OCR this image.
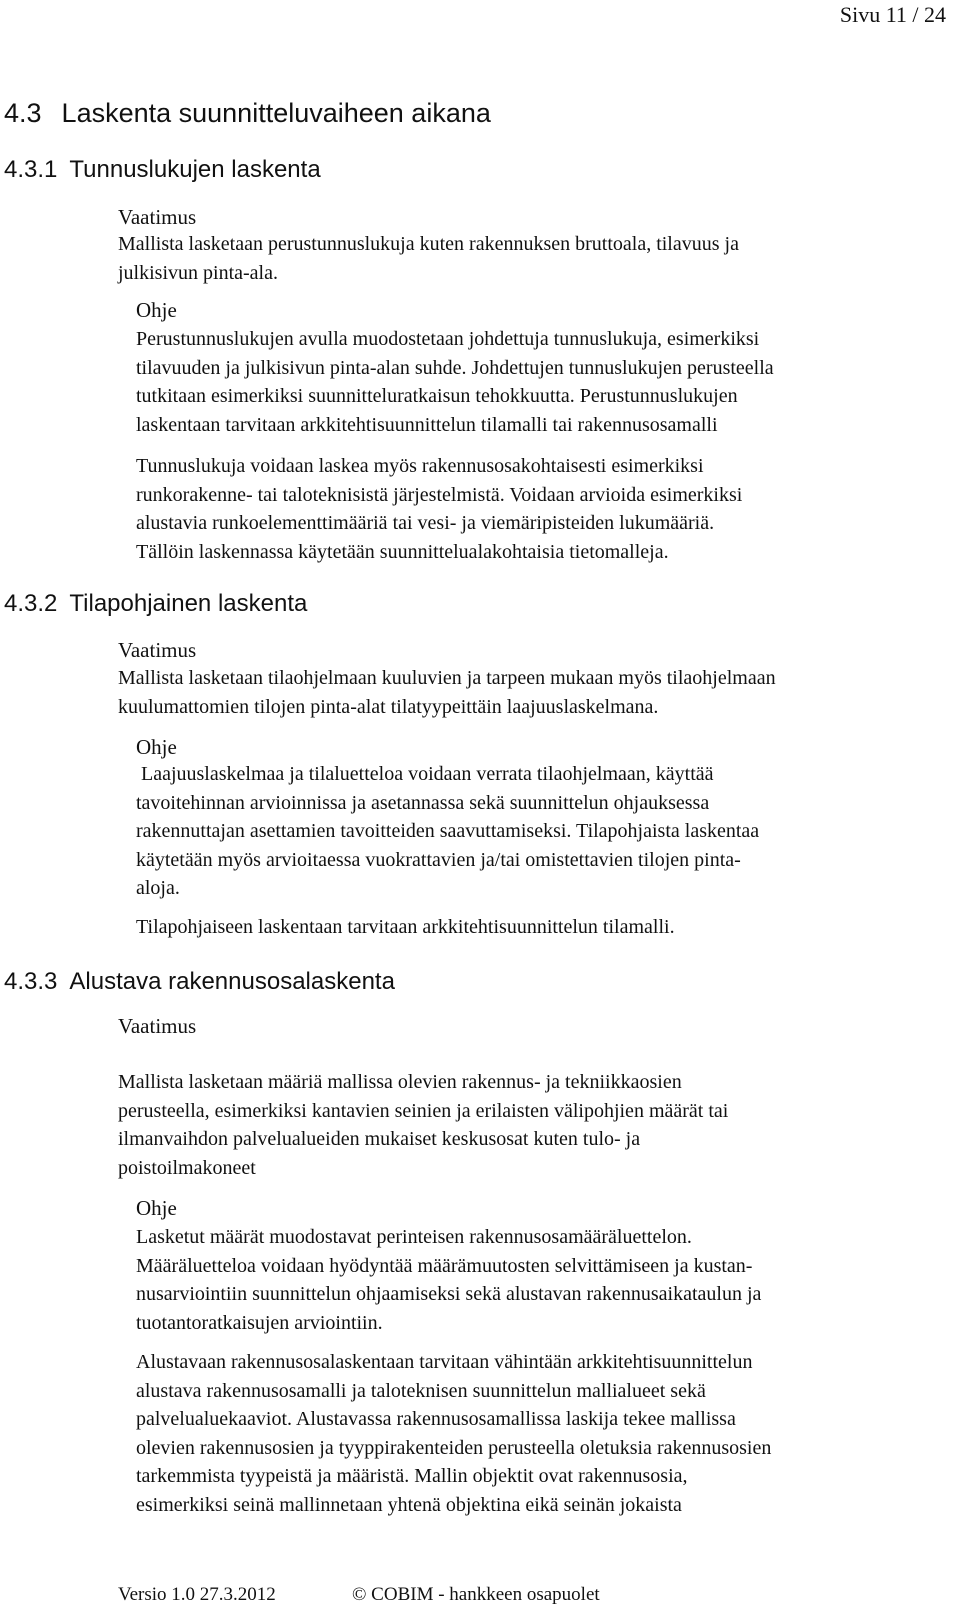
Sivu 11 / 24
4.3 Laskenta suunnitteluvaiheen aikana
4.3.1 Tunnuslukujen laskenta
Vaatimus
Mallista lasketaan perustunnuslukuja kuten rakennuksen bruttoala, tilavuus ja
julkisivun pinta-ala.
Ohje
Perustunnuslukujen avulla muodostetaan johdettuja tunnuslukuja, esimerkiksi
tilavuuden ja julkisivun pinta-alan suhde. Johdettujen tunnuslukujen perusteella
tutkitaan esimerkiksi suunnitteluratkaisun tehokkuutta. Perustunnuslukujen
laskentaan tarvitaan arkkitehtisuunnittelun tilamalli tai rakennusosamalli
Tunnuslukuja voidaan laskea myös rakennusosakohtaisesti esimerkiksi
runkorakenne- tai taloteknisistä järjestelmistä. Voidaan arvioida esimerkiksi
alustavia runkoelementtimääriä tai vesi- ja viemäripisteiden lukumääriä.
Tällöin laskennassa käytetään suunnittelualakohtaisia tietomalleja.
4.3.2 Tilapohjainen laskenta
Vaatimus
Mallista lasketaan tilaohjelmaan kuuluvien ja tarpeen mukaan myös tilaohjelmaan
kuulumattomien tilojen pinta-alat tilatyypeittäin laajuuslaskelmana.
Ohje
Laajuuslaskelmaa ja tilaluetteloa voidaan verrata tilaohjelmaan, käyttää
tavoitehinnan arvioinnissa ja asetannassa sekä suunnittelun ohjauksessa
rakennuttajan asettamien tavoitteiden saavuttamiseksi. Tilapohjaista laskentaa
käytetään myös arvioitaessa vuokrattavien ja/tai omistettavien tilojen pinta-
aloja.
Tilapohjaiseen laskentaan tarvitaan arkkitehtisuunnittelun tilamalli.
4.3.3 Alustava rakennusosalaskenta
Vaatimus
Mallista lasketaan määriä mallissa olevien rakennus- ja tekniikkaosien
perusteella, esimerkiksi kantavien seinien ja erilaisten välipohjien määrät tai
ilmanvaihdon palvelualueiden mukaiset keskusosat kuten tulo- ja
poistoilmakoneet
Ohje
Lasketut määrät muodostavat perinteisen rakennusosamääräluettelon.
Määräluetteloa voidaan hyödyntää määrämuutosten selvittämiseen ja kustan-
nusarviointiin suunnittelun ohjaamiseksi sekä alustavan rakennusaikataulun ja
tuotantoratkaisujen arviointiin.
Alustavaan rakennusosalaskentaan tarvitaan vähintään arkkitehtisuunnittelun
alustava rakennusosamalli ja taloteknisen suunnittelun mallialueet sekä
palvelualuekaaviot. Alustavassa rakennusosamallissa laskija tekee mallissa
olevien rakennusosien ja tyyppirakenteiden perusteella oletuksia rakennusosien
tarkemmista tyypeistä ja määristä. Mallin objektit ovat rakennusosia,
esimerkiksi seinä mallinnetaan yhtenä objektina eikä seinän jokaista
Versio 1.0 27.3.2012	© COBIM - hankkeen osapuolet
